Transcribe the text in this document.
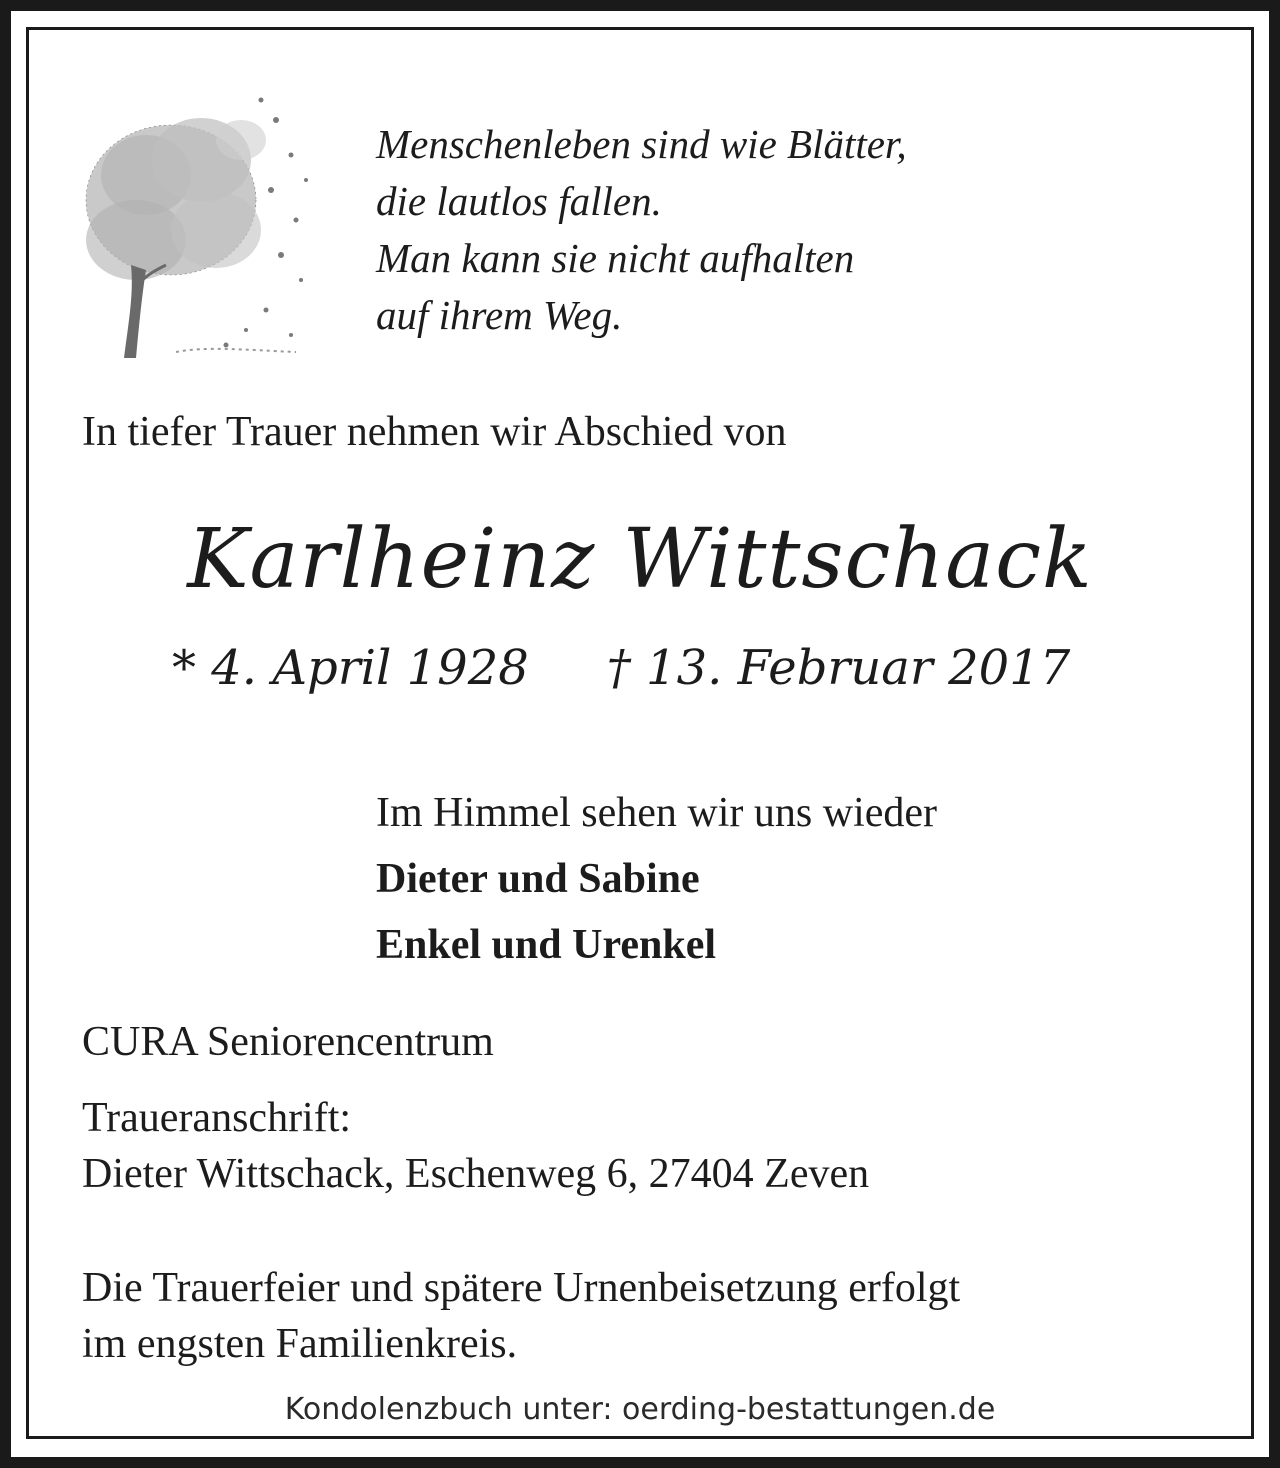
Menschenleben sind wie Blätter,
die lautlos fallen.
Man kann sie nicht aufhalten
auf ihrem Weg.
In tiefer Trauer nehmen wir Abschied von
Karlheinz Wittschack
* 4. April 1928 † 13. Februar 2017
Im Himmel sehen wir uns wieder
Dieter und Sabine
Enkel und Urenkel
CURA Seniorencentrum
Traueranschrift:
Dieter Wittschack, Eschenweg 6, 27404 Zeven
Die Trauerfeier und spätere Urnenbeisetzung erfolgt
im engsten Familienkreis.
Kondolenzbuch unter: oerding-bestattungen.de
